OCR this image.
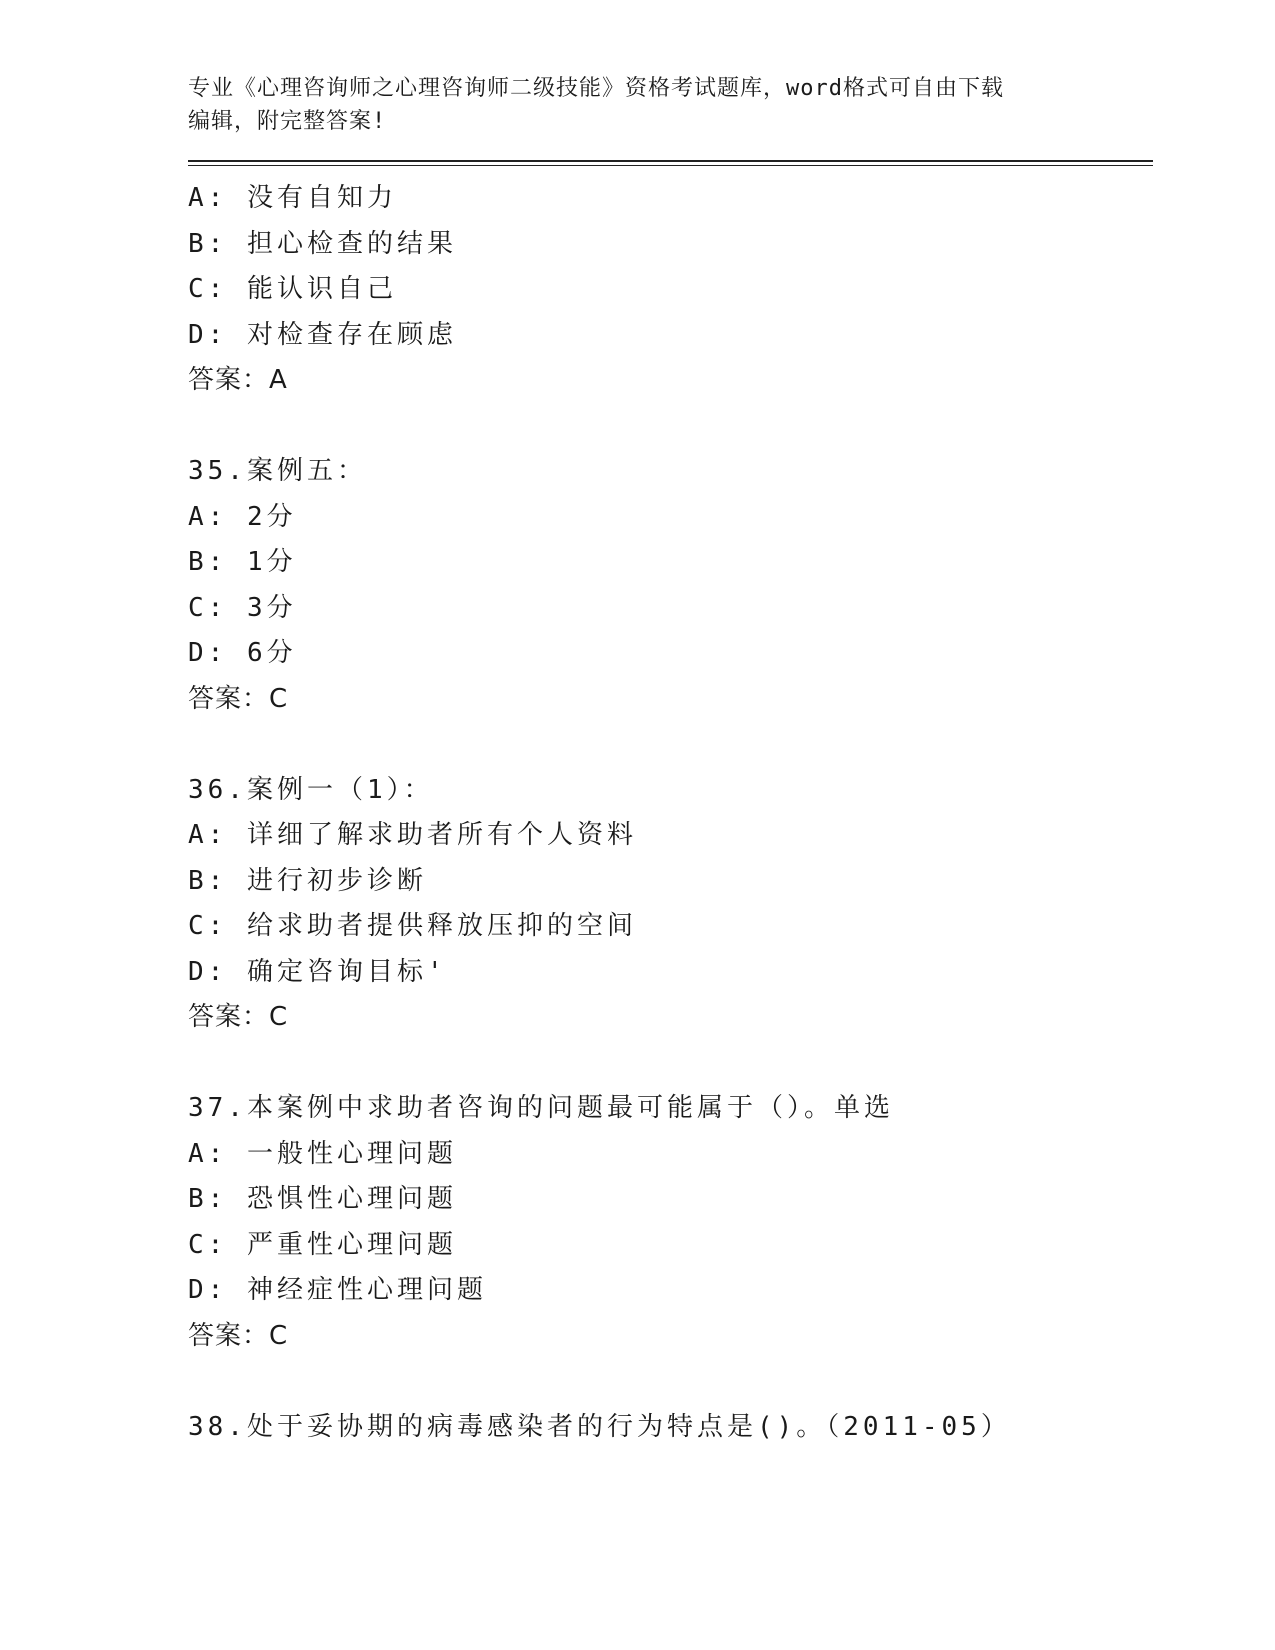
专业《心理咨询师之心理咨询师二级技能》资格考试题库，word格式可自由下载
编辑，附完整答案!
A: 没有自知力
B: 担心检查的结果
C: 能认识自己
D: 对检查存在顾虑
答案：A
35.案例五：
A: 2分
B: 1分
C: 3分
D: 6分
答案：C
36.案例一（1）：
A: 详细了解求助者所有个人资料
B: 进行初步诊断
C: 给求助者提供释放压抑的空间
D: 确定咨询目标'
答案：C
37.本案例中求助者咨询的问题最可能属于（）。单选
A: 一般性心理问题
B: 恐惧性心理问题
C: 严重性心理问题
D: 神经症性心理问题
答案：C
38.处于妥协期的病毒感染者的行为特点是()。（2011-05）
